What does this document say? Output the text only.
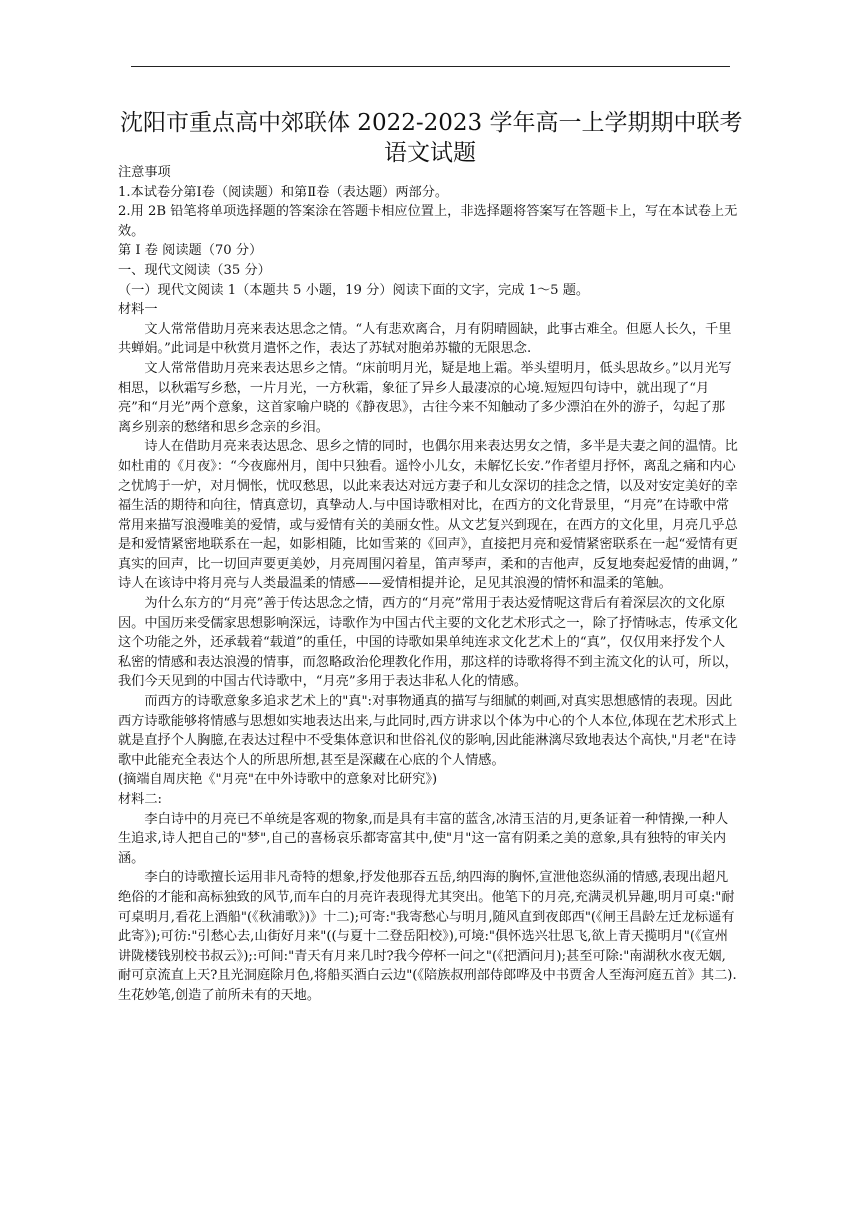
沈阳市重点高中郊联体 2022-2023 学年高一上学期期中联考
语文试题

注意事项

1.本试卷分第Ⅰ卷（阅读题）和第Ⅱ卷（表达题）两部分。

2.用 2B 铅笔将单项选择题的答案涂在答题卡相应位置上，非选择题将答案写在答题卡上，写在本试卷上无效。

第 I 卷 阅读题（70 分）

一、现代文阅读（35 分）

（一）现代文阅读 1（本题共 5 小题，19 分）阅读下面的文字，完成 1～5 题。

材料一

文人常常借助月亮来表达思念之情。“人有悲欢离合，月有阴晴圆缺，此事古难全。但愿人长久，千里共蝉娟。”此词是中秋赏月遣怀之作，表达了苏轼对胞弟苏辙的无限思念.

文人常常借助月亮来表达思乡之情。“床前明月光，疑是地上霜。举头望明月，低头思故乡。”以月光写相思，以秋霜写乡愁，一片月光，一方秋霜，象征了异乡人最凄凉的心境.短短四句诗中，就出现了“月亮”和“月光”两个意象，这首家喻户晓的《静夜思》，古往今来不知触动了多少漂泊在外的游子，勾起了那离乡别亲的愁绪和思乡念亲的乡泪。

诗人在借助月亮来表达思念、思乡之情的同时，也偶尔用来表达男女之情，多半是夫妻之间的温情。比如杜甫的《月夜》：“今夜廊州月，闺中只独看。遥怜小儿女，未解忆长安.”作者望月抒怀，离乱之痛和内心之忧鸠于一炉，对月惆怅，忧叹愁思，以此来表达对远方妻子和儿女深切的挂念之情，以及对安定美好的幸福生活的期待和向往，情真意切，真挚动人.与中国诗歌相对比，在西方的文化背景里，“月亮”在诗歌中常常用来描写浪漫唯美的爱情，或与爱情有关的美丽女性。从文艺复兴到现在，在西方的文化里，月亮几乎总是和爱情紧密地联系在一起，如影相随，比如雪莱的《回声》，直接把月亮和爱情紧密联系在一起“爱情有更真实的回声，比一切回声要更美妙，月亮周围闪着星，笛声琴声，柔和的吉他声，反复地奏起爱情的曲调，” 诗人在该诗中将月亮与人类最温柔的情感——爱情相提并论，足见其浪漫的情怀和温柔的笔触。

为什么东方的“月亮”善于传达思念之情，西方的“月亮”常用于表达爱情呢这背后有着深层次的文化原因。中国历来受儒家思想影响深远，诗歌作为中国古代主要的文化艺术形式之一，除了抒情咏志，传承文化这个功能之外，还承载着“载道”的重任，中国的诗歌如果单纯连求文化艺术上的“真”，仅仅用来抒发个人私密的情感和表达浪漫的情事，而忽略政治伦理教化作用，那这样的诗歌将得不到主流文化的认可，所以，我们今天见到的中国古代诗歌中，“月亮”多用于表达非私人化的情感。

而西方的诗歌意象多追求艺术上的"真":对事物通真的描写与细腻的刺画,对真实思想感情的表现。因此西方诗歌能够将情感与思想如实地表达出来,与此同时,西方讲求以个体为中心的个人本位,体现在艺术形式上就是直抒个人胸臆,在表达过程中不受集体意识和世俗礼仪的影响,因此能淋漓尽致地表达个高快,"月老"在诗歌中此能充全表达个人的所思所想,甚至是深藏在心底的个人情感。

(摘端自周庆艳《"月亮"在中外诗歌中的意象对比研究》)

材料二:

李白诗中的月亮已不单统是客观的物象,而是具有丰富的蓝含,冰清玉洁的月,更条证着一种情操,一种人生追求,诗人把自己的"梦",自己的喜杨哀乐都寄富其中,使"月"这一富有阴柔之美的意象,具有独特的审关内涵。

李白的诗歌擅长运用非凡奇特的想象,抒发他那吞五岳,纳四海的胸怀,宣泄他恣纵涌的情感,表现出超凡绝俗的才能和高标独致的风节,而车白的月亮许表现得尤其突出。他笔下的月亮,充满灵机异趣,明月可桌:"耐可桌明月,看花上酒船"(《秋浦歌》)》十二);可寄:"我寄愁心与明月,随风直到夜郎西"(《闸王昌龄左迁龙标遥有此寄》);可彷:"引愁心去,山街好月来"((与夏十二登岳阳校》),可境:"俱怀选兴壮思飞,欲上青天揽明月"(《宣州讲陇楼钱别校书叔云》);:可间:"青天有月来几时?我今停杯一问之"(《把酒问月);甚至可除:"南湖秋水夜无姻,耐可京流直上天?且光洞庭除月色,将船买酒白云边"(《陪族叔刑部侍郎哗及中书贾舍人至海河庭五首》其二).生花妙笔,创造了前所未有的天地。
